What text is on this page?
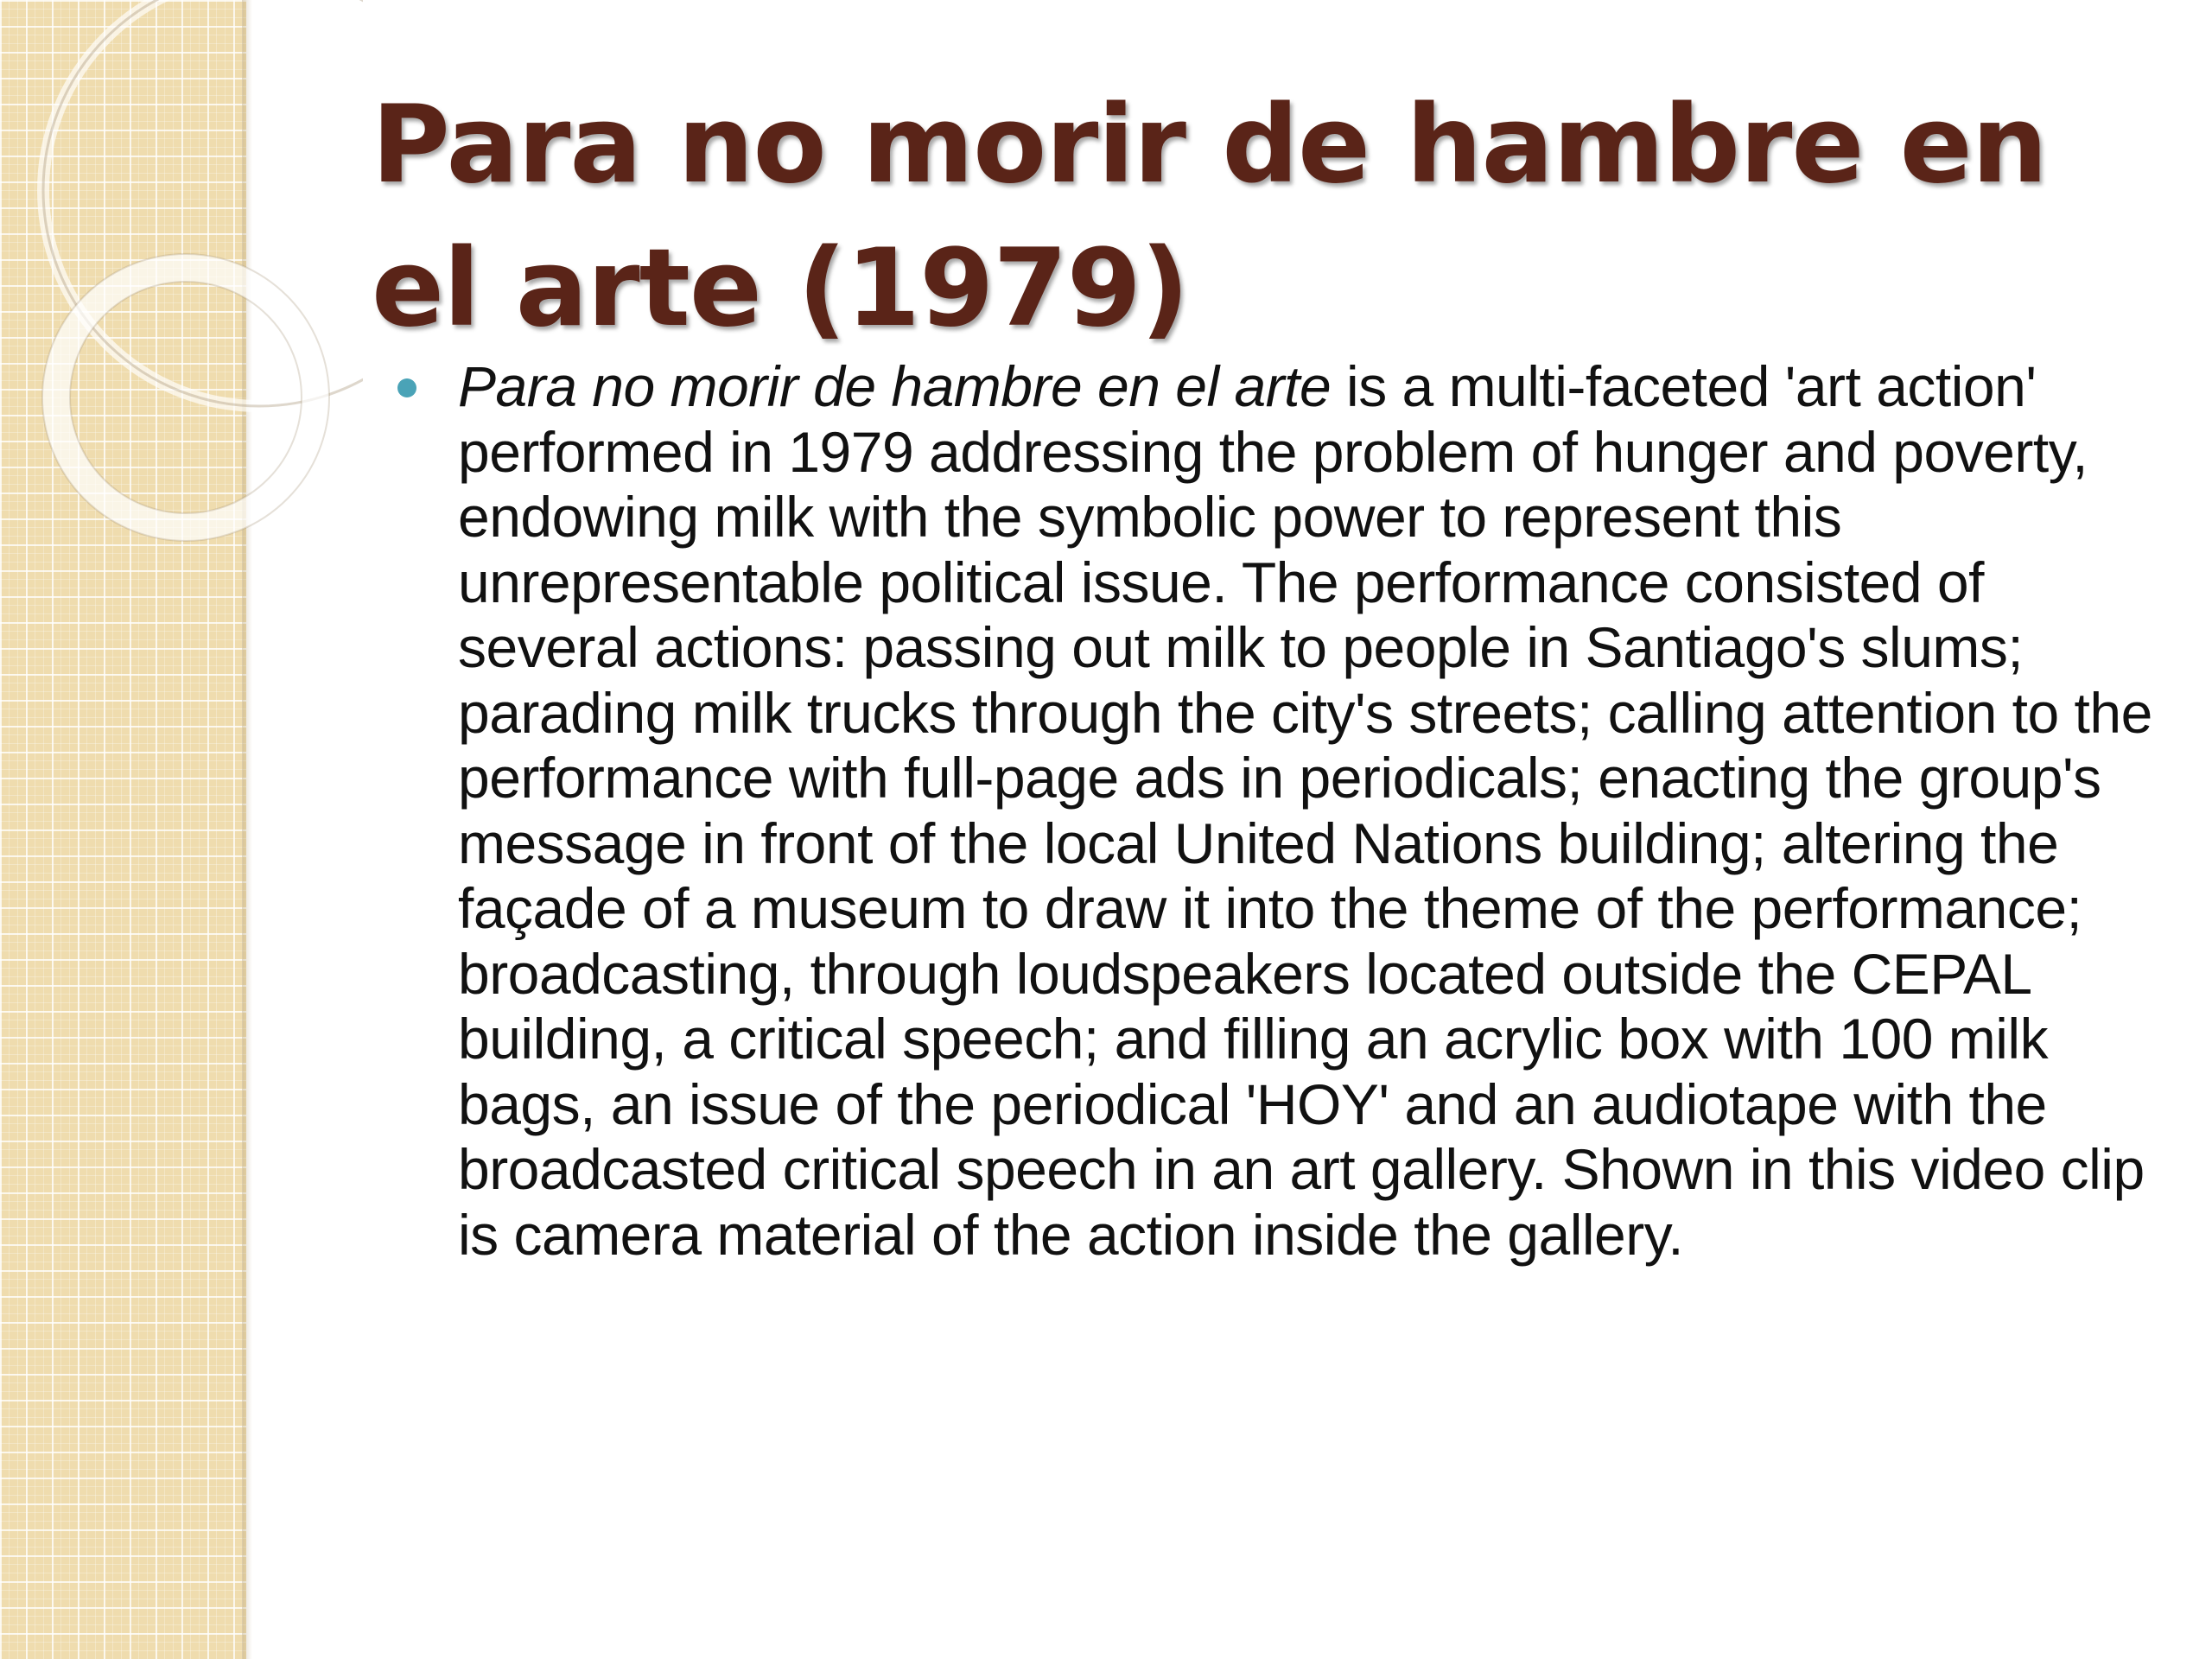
Para no morir de hambre en el arte (1979)
Para no morir de hambre en el arte is a multi-faceted 'art action' performed in 1979 addressing the problem of hunger and poverty, endowing milk with the symbolic power to represent this unrepresentable political issue. The performance consisted of several actions: passing out milk to people in Santiago's slums; parading milk trucks through the city's streets; calling attention to the performance with full-page ads in periodicals; enacting the group's message in front of the local United Nations building; altering the façade of a museum to draw it into the theme of the performance; broadcasting, through loudspeakers located outside the CEPAL building, a critical speech; and filling an acrylic box with 100 milk bags, an issue of the periodical 'HOY' and an audiotape with the broadcasted critical speech in an art gallery. Shown in this video clip is camera material of the action inside the gallery.
